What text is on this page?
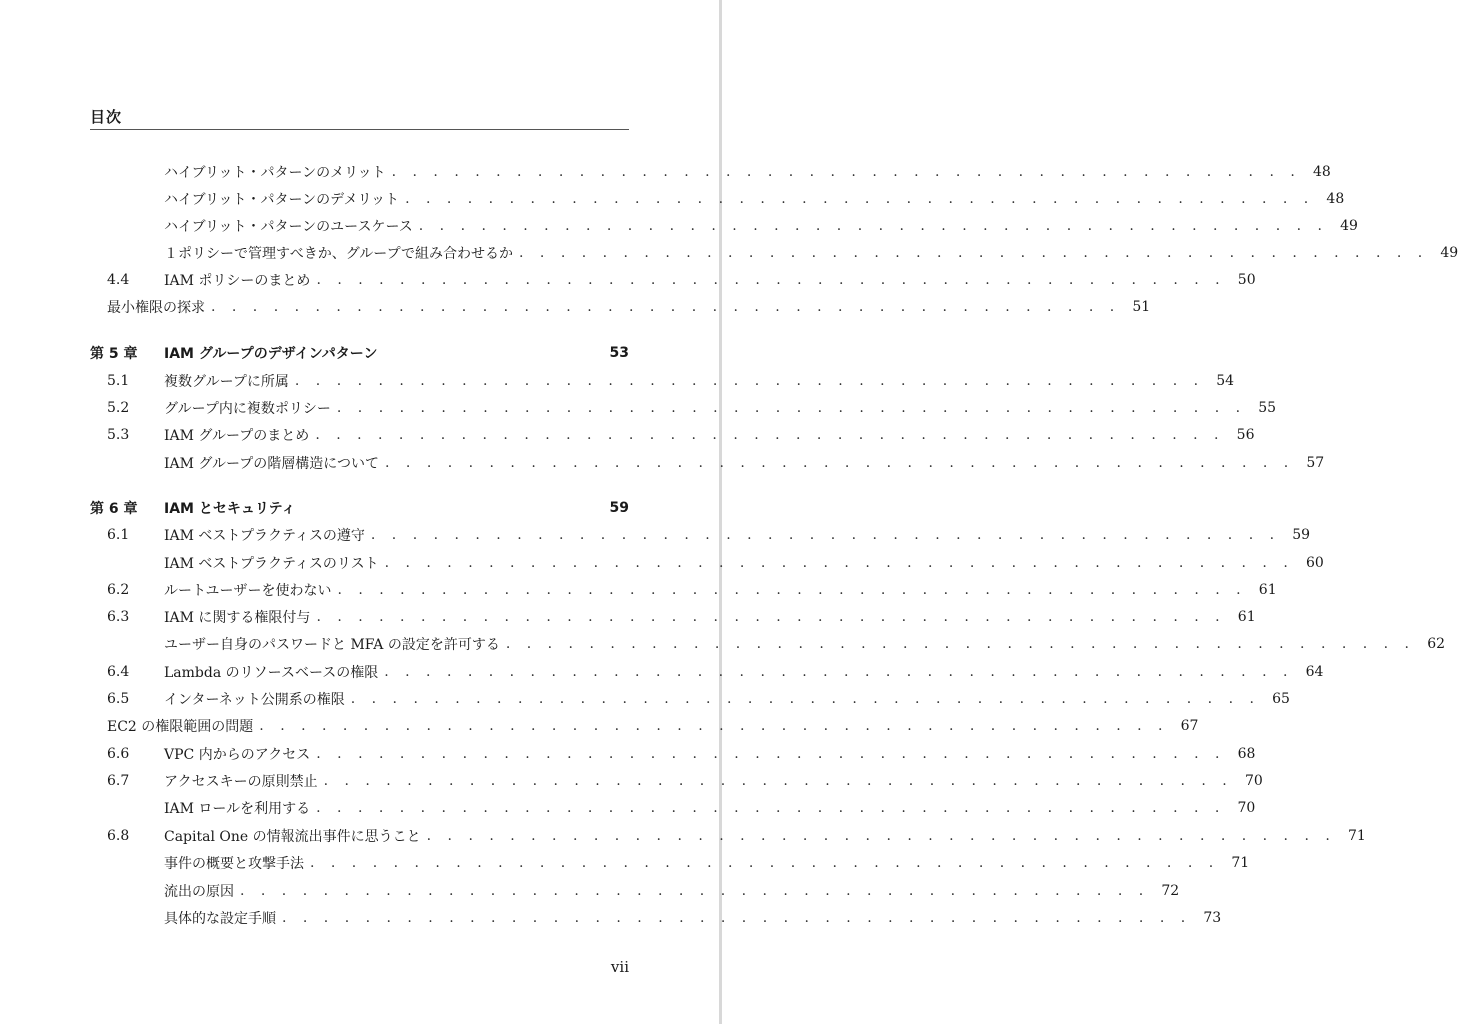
目次
ハイブリット・パターンのメリット . . . . . . . . . . . . . . . . . . . . . . . . . . . . . . . . . . . . . . . . . . . . 48
ハイブリット・パターンのデメリット . . . . . . . . . . . . . . . . . . . . . . . . . . . . . . . . . . . . . . . . . . . . 48
ハイブリット・パターンのユースケース . . . . . . . . . . . . . . . . . . . . . . . . . . . . . . . . . . . . . . . . . . . . 49
１ポリシーで管理すべきか、グループで組み合わせるか . . . . . . . . . . . . . . . . . . . . . . . . . . . . . . . . . . . . . . . . . . . . 49
4.4	IAM ポリシーのまとめ . . . . . . . . . . . . . . . . . . . . . . . . . . . . . . . . . . . . . . . . . . . . 50
最小権限の探求 . . . . . . . . . . . . . . . . . . . . . . . . . . . . . . . . . . . . . . . . . . . . 51
第 5 章	IAM グループのデザインパターン	53
5.1	複数グループに所属 . . . . . . . . . . . . . . . . . . . . . . . . . . . . . . . . . . . . . . . . . . . . 54
5.2	グループ内に複数ポリシー . . . . . . . . . . . . . . . . . . . . . . . . . . . . . . . . . . . . . . . . . . . . 55
5.3	IAM グループのまとめ . . . . . . . . . . . . . . . . . . . . . . . . . . . . . . . . . . . . . . . . . . . . 56
IAM グループの階層構造について . . . . . . . . . . . . . . . . . . . . . . . . . . . . . . . . . . . . . . . . . . . . 57
第 6 章	IAM とセキュリティ	59
6.1	IAM ベストプラクティスの遵守 . . . . . . . . . . . . . . . . . . . . . . . . . . . . . . . . . . . . . . . . . . . . 59
IAM ベストプラクティスのリスト . . . . . . . . . . . . . . . . . . . . . . . . . . . . . . . . . . . . . . . . . . . . 60
6.2	ルートユーザーを使わない . . . . . . . . . . . . . . . . . . . . . . . . . . . . . . . . . . . . . . . . . . . . 61
6.3	IAM に関する権限付与 . . . . . . . . . . . . . . . . . . . . . . . . . . . . . . . . . . . . . . . . . . . . 61
ユーザー自身のパスワードと MFA の設定を許可する . . . . . . . . . . . . . . . . . . . . . . . . . . . . . . . . . . . . . . . . . . . . 62
6.4	Lambda のリソースベースの権限 . . . . . . . . . . . . . . . . . . . . . . . . . . . . . . . . . . . . . . . . . . . . 64
6.5	インターネット公開系の権限 . . . . . . . . . . . . . . . . . . . . . . . . . . . . . . . . . . . . . . . . . . . . 65
EC2 の権限範囲の問題 . . . . . . . . . . . . . . . . . . . . . . . . . . . . . . . . . . . . . . . . . . . . 67
6.6	VPC 内からのアクセス . . . . . . . . . . . . . . . . . . . . . . . . . . . . . . . . . . . . . . . . . . . . 68
6.7	アクセスキーの原則禁止 . . . . . . . . . . . . . . . . . . . . . . . . . . . . . . . . . . . . . . . . . . . . 70
IAM ロールを利用する . . . . . . . . . . . . . . . . . . . . . . . . . . . . . . . . . . . . . . . . . . . . 70
6.8	Capital One の情報流出事件に思うこと . . . . . . . . . . . . . . . . . . . . . . . . . . . . . . . . . . . . . . . . . . . . 71
事件の概要と攻撃手法 . . . . . . . . . . . . . . . . . . . . . . . . . . . . . . . . . . . . . . . . . . . . 71
流出の原因 . . . . . . . . . . . . . . . . . . . . . . . . . . . . . . . . . . . . . . . . . . . . 72
具体的な設定手順 . . . . . . . . . . . . . . . . . . . . . . . . . . . . . . . . . . . . . . . . . . . . 73
vii
